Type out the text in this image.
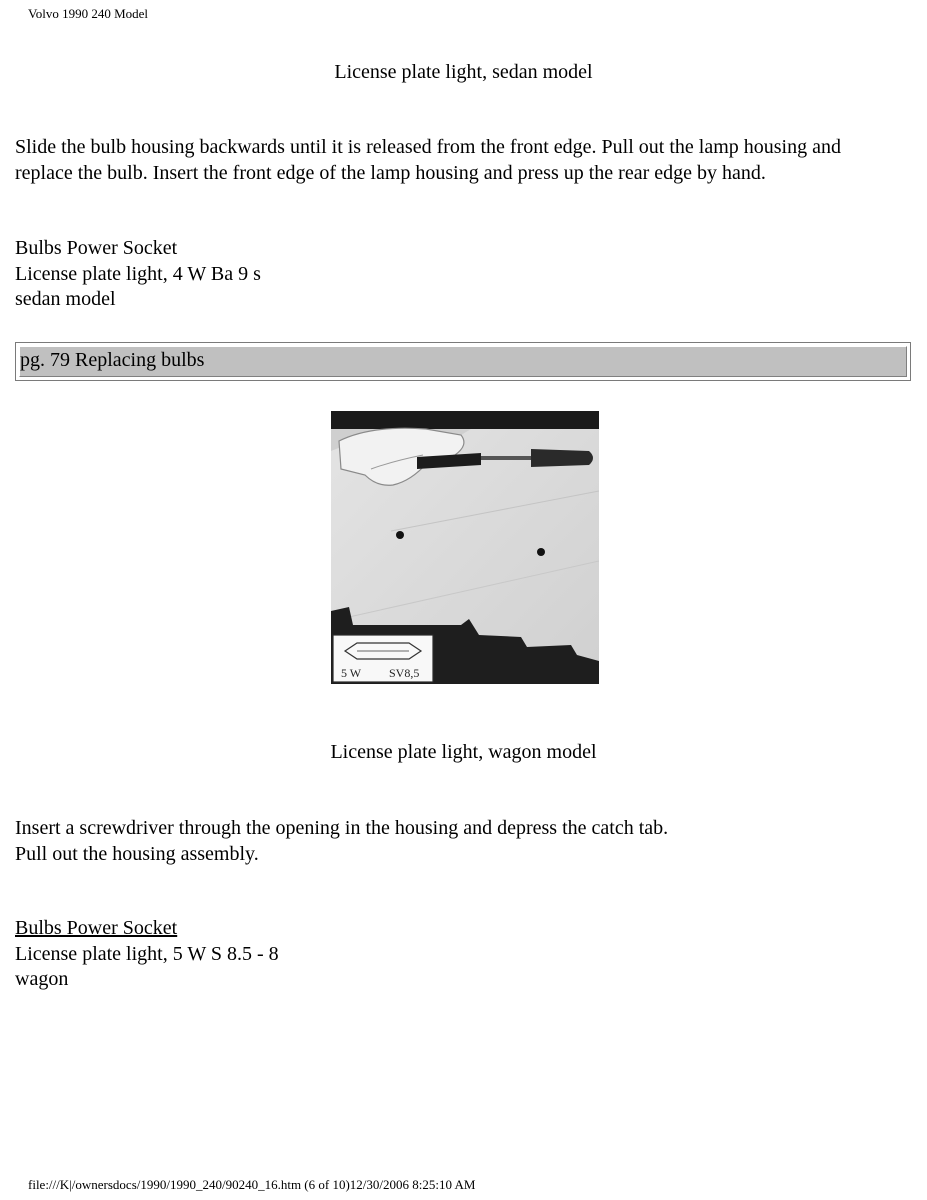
Volvo 1990 240 Model
License plate light, sedan model
Slide the bulb housing backwards until it is released from the front edge. Pull out the lamp housing and
replace the bulb. Insert the front edge of the lamp housing and press up the rear edge by hand.
Bulbs Power Socket
License plate light, 4 W Ba 9 s
sedan model
pg. 79 Replacing bulbs
5 W SV8,5
License plate light, wagon model
Insert a screwdriver through the opening in the housing and depress the catch tab.
Pull out the housing assembly.
Bulbs Power Socket
License plate light, 5 W S 8.5 - 8
wagon
file:///K|/ownersdocs/1990/1990_240/90240_16.htm (6 of 10)12/30/2006 8:25:10 AM
